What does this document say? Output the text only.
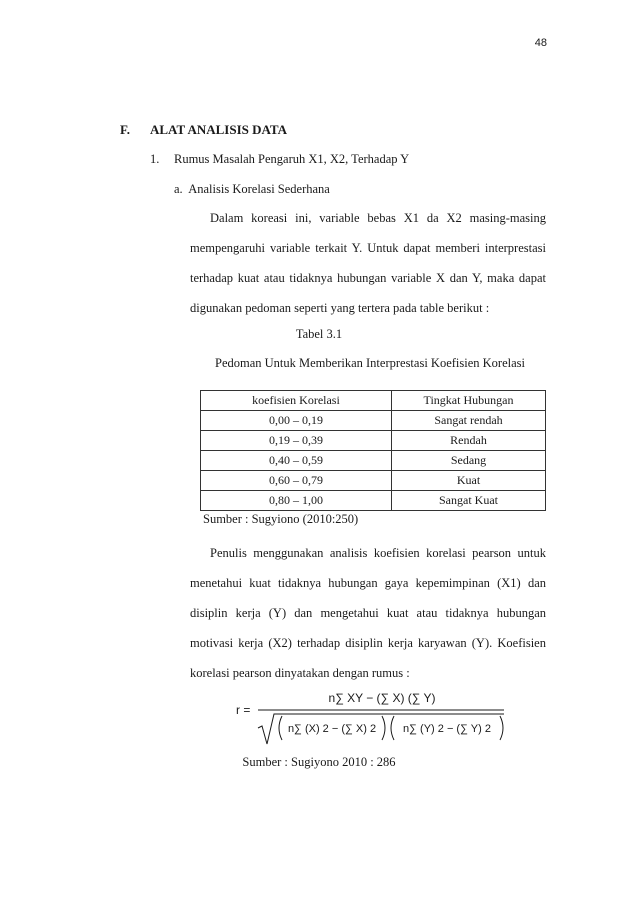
48
F. ALAT ANALISIS DATA
1. Rumus Masalah Pengaruh X1, X2, Terhadap Y
a.  Analisis Korelasi Sederhana

Dalam koreasi ini, variable bebas X1 da X2 masing-masing

mempengaruhi variable terkait Y. Untuk dapat memberi interprestasi

terhadap kuat atau tidaknya hubungan variable X dan Y, maka dapat

digunakan pedoman seperti yang tertera pada table berikut :

Tabel 3.1
Pedoman Untuk Memberikan Interprestasi Koefisien Korelasi
koefisien Korelasi	Tingkat Hubungan
0,00 – 0,19	Sangat rendah
0,19 – 0,39	Rendah
0,40 – 0,59	Sedang
0,60 – 0,79	Kuat
0,80 – 1,00	Sangat Kuat
Sumber : Sugyiono (2010:250)

Penulis menggunakan analisis koefisien korelasi pearson untuk

menetahui kuat tidaknya hubungan gaya kepemimpinan (X1) dan

disiplin kerja (Y) dan mengetahui kuat atau tidaknya hubungan

motivasi kerja (X2) terhadap disiplin kerja karyawan (Y). Koefisien

korelasi pearson dinyatakan dengan rumus :

r =
n∑ XY − (∑ X) (∑ Y)
n∑ (X) 2 − (∑ X) 2 n∑ (Y) 2 − (∑ Y) 2
Sumber : Sugiyono 2010 : 286
